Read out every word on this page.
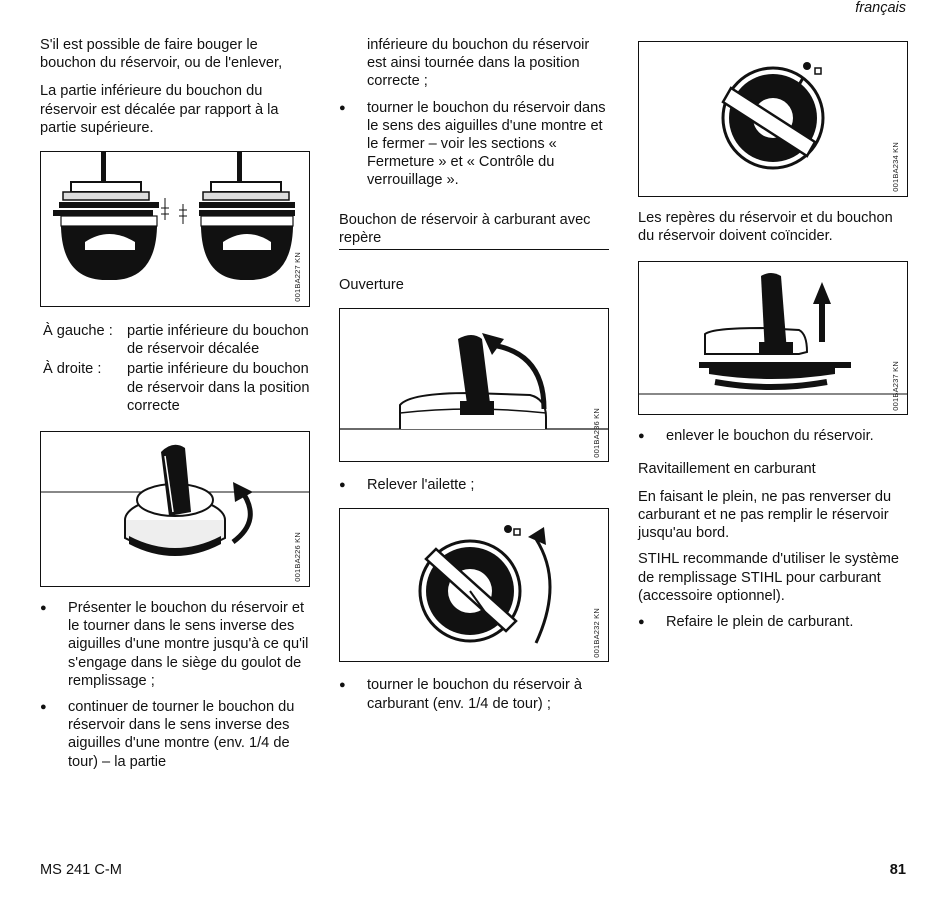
français

S'il est possible de faire bouger le bouchon du réservoir, ou de l'enlever,

La partie inférieure du bouchon du réservoir est décalée par rapport à la partie supérieure.

001BA227 KN
À gauche : partie inférieure du bouchon de réservoir décalée
À droite :	partie inférieure du bouchon de réservoir dans la position correcte
001BA226 KN

● Présenter le bouchon du réservoir et le tourner dans le sens inverse des aiguilles d'une montre jusqu'à ce qu'il s'engage dans le siège du goulot de remplissage ;

● continuer de tourner le bouchon du réservoir dans le sens inverse des aiguilles d'une montre (env. 1/4 de tour) – la partie

inférieure du bouchon du réservoir est ainsi tournée dans la position correcte ;

● tourner le bouchon du réservoir dans le sens des aiguilles d'une montre et le fermer – voir les sections « Fermeture » et « Contrôle du verrouillage ».

Bouchon de réservoir à carburant avec repère

Ouverture

001BA236 KN

● Relever l'ailette ;

001BA232 KN

● tourner le bouchon du réservoir à carburant (env. 1/4 de tour) ;

001BA234 KN

Les repères du réservoir et du bouchon du réservoir doivent coïncider.

001BA237 KN

● enlever le bouchon du réservoir.

Ravitaillement en carburant

En faisant le plein, ne pas renverser du carburant et ne pas remplir le réservoir jusqu'au bord.

STIHL recommande d'utiliser le système de remplissage STIHL pour carburant (accessoire optionnel).

● Refaire le plein de carburant.

MS 241 C-M	81
